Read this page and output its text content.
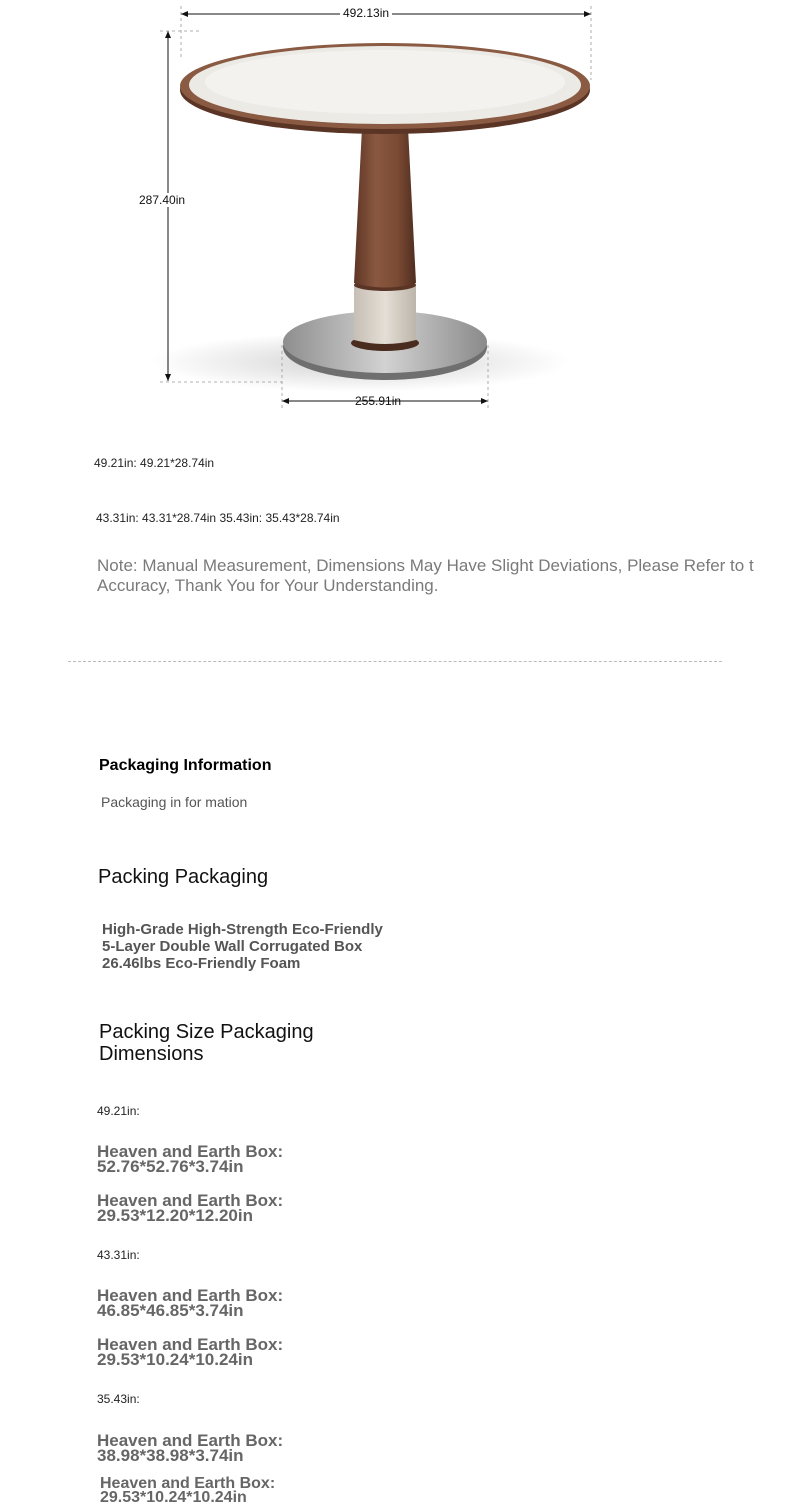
492.13in
287.40in
255.91in
49.21in: 49.21*28.74in
43.31in: 43.31*28.74in 35.43in: 35.43*28.74in
Note: Manual Measurement, Dimensions May Have Slight Deviations, Please Refer to t
Accuracy, Thank You for Your Understanding.
Packaging Information
Packaging in for mation
Packing Packaging
High-Grade High-Strength Eco-Friendly
5-Layer Double Wall Corrugated Box
26.46lbs Eco-Friendly Foam
Packing Size Packaging
Dimensions
49.21in:
Heaven and Earth Box:
52.76*52.76*3.74in
Heaven and Earth Box:
29.53*12.20*12.20in
43.31in:
Heaven and Earth Box:
46.85*46.85*3.74in
Heaven and Earth Box:
29.53*10.24*10.24in
35.43in:
Heaven and Earth Box:
38.98*38.98*3.74in
Heaven and Earth Box:
29.53*10.24*10.24in
